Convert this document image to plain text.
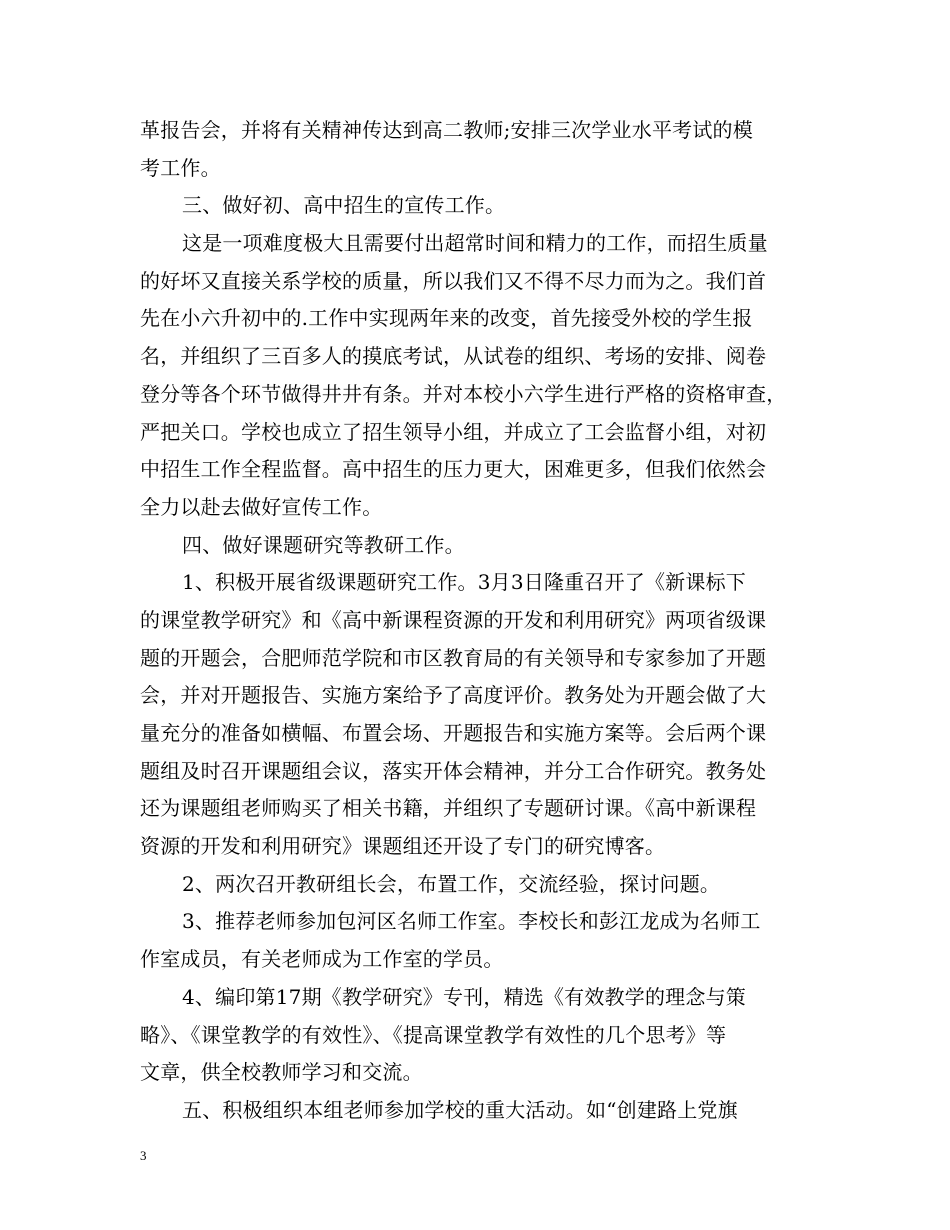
革报告会，并将有关精神传达到高二教师;安排三次学业水平考试的模
考工作。
三、做好初、高中招生的宣传工作。
这是一项难度极大且需要付出超常时间和精力的工作，而招生质量
的好坏又直接关系学校的质量，所以我们又不得不尽力而为之。我们首
先在小六升初中的.工作中实现两年来的改变，首先接受外校的学生报
名，并组织了三百多人的摸底考试，从试卷的组织、考场的安排、阅卷
登分等各个环节做得井井有条。并对本校小六学生进行严格的资格审查，
严把关口。学校也成立了招生领导小组，并成立了工会监督小组，对初
中招生工作全程监督。高中招生的压力更大，困难更多，但我们依然会
全力以赴去做好宣传工作。
四、做好课题研究等教研工作。
1、积极开展省级课题研究工作。3月3日隆重召开了《新课标下
的课堂教学研究》和《高中新课程资源的开发和利用研究》两项省级课
题的开题会，合肥师范学院和市区教育局的有关领导和专家参加了开题
会，并对开题报告、实施方案给予了高度评价。教务处为开题会做了大
量充分的准备如横幅、布置会场、开题报告和实施方案等。会后两个课
题组及时召开课题组会议，落实开体会精神，并分工合作研究。教务处
还为课题组老师购买了相关书籍，并组织了专题研讨课。《高中新课程
资源的开发和利用研究》课题组还开设了专门的研究博客。
2、两次召开教研组长会，布置工作，交流经验，探讨问题。
3、推荐老师参加包河区名师工作室。李校长和彭江龙成为名师工
作室成员，有关老师成为工作室的学员。
4、编印第17期《教学研究》专刊，精选《有效教学的理念与策
略》、《课堂教学的有效性》、《提高课堂教学有效性的几个思考》等
文章，供全校教师学习和交流。
五、积极组织本组老师参加学校的重大活动。如“创建路上党旗
3
